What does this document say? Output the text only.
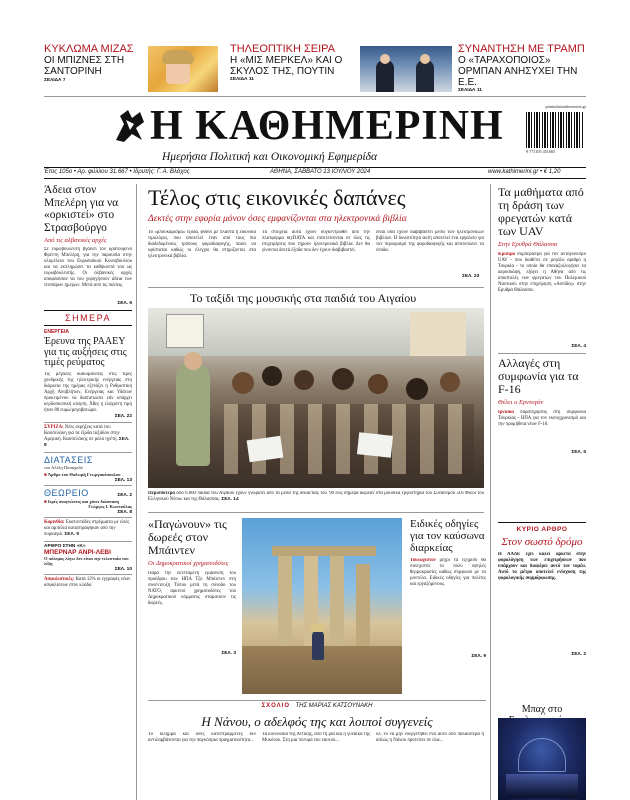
ΚΥΚΛΩΜΑ ΜΙΖΑΣ
ΟΙ ΜΠΙΖΝΕΣ ΣΤΗ ΣΑΝΤΟΡΙΝΗ
ΣΕΛΙΔΑ 7
ΤΗΛΕΟΠΤΙΚΗ ΣΕΙΡΑ
Η «ΜΙΣ ΜΕΡΚΕΛ» ΚΑΙ Ο ΣΚΥΛΟΣ ΤΗΣ, ΠΟΥΤΙΝ
ΣΕΛΙΔΑ 11
ΣΥΝΑΝΤΗΣΗ ΜΕ ΤΡΑΜΠ
Ο «ΤΑΡΑΧΟΠΟΙΟΣ» ΟΡΜΠΑΝ ΑΝΗΣΥΧΕΙ ΤΗΝ Ε.Ε.
ΣΕΛΙΔΑ 11
Η ΚΑΘΗΜΕΡΙΝΗ
Ημερήσια Πολιτική και Οικονομική Εφημερίδα
printsolutionfinvestors.gr
9 771105 451665
Έτος 105ο • Αρ. φύλλου 31.667 • Ιδρυτής: Γ. Α. Βλάχος	ΑΘΗΝΑ, ΣΑΒΒΑΤΟ 13 ΙΟΥΛΙΟΥ 2024	www.kathimerini.gr • € 1,20
Άδεια στον Μπελέρη για να «ορκιστεί» στο Στρασβούργο
Από τις αλβανικές αρχές
Σε ευρωβουλευτή βγαίνει τον κρατούμενο Φρέντη Μπελέρη, για την παρουσία στην ολομέλεια του Ευρωπαϊκού Κοινοβουλίου και να εκπληρώσει τα καθήκοντά του ως ευρωβουλευτής. Οι αλβανικές αρχές αποφάσισαν να του χορηγήσουν άδεια των τεσσάρων ημερών. Μετά από τις πιέσεις.
ΣΕΛ. 6
ΣΗΜΕΡΑ
ΕΝΕΡΓΕΙΑ
Έρευνα της ΡΑΑΕΥ για τις αυξήσεις στις τιμές ρεύματος
Τις μεγάλες διακυμάνσεις στις τιμές χονδρικής της ηλεκτρικής ενέργειας στη διάρκεια της ημέρας εξετάζει η Ρυθμιστική Αρχή Αποβλήτων, Ενέργειας και Υδάτων προκειμένου να διαπιστώσει εάν υπάρχει κερδοσκοπική κίνηση. Χθες η ελάχιστη τιμή ήταν 88 ευρώ/μεγαβατώρα.
ΣΕΛ. 22
ΣΥΡΙΖΑ: Νέες εκρήξεις κατά του Κασσελάκη για τα έξοδα ταξιδίου στην Αμερική. Κασσελάκης σε ρόλο ηγέτη. ΣΕΛ. 8
ΔΙΑΤΑΣΕΙΣ
του Αλέξη Παπαχελά
■ Άρθρο του Θοδωρή Γεωργακόπουλου
ΣΕΛ. 13
ΘΕΩΡΕΙΟ	ΣΕΛ. 2
■ Ιερές αναγνώσεις και χάνει διάσπαση
Γιώργος Ι. Κωστούλας
ΣΕΛ. 8
Κορινθία: Εκατοντάδες στρέμματα με ελιές και αμπέλια καταστράφηκαν από την πυρκαγιά. ΣΕΛ. 9
ΑΡΘΡΟ ΣΤΗΝ «Κ»
ΜΠΕΡΝΑΡ ΑΝΡΙ-ΛΕΒΙ
Ο πόλεμος λόγω δεν είναι την τελευταία του λέξη
ΣΕΛ. 10
Ασφαλιστικές: Κατά 12% οι εγγραφές νέων ασφαλίσεων στον κλάδο.
Τέλος στις εικονικές δαπάνες
Δεκτές στην εφορία μόνον όσες εμφανίζονται στα ηλεκτρονικά βιβλία
Το «μπουκάρισμα» έξοδα, φθίνει με πλαστά ή εικονικά τιμολόγια, που αποτελεί έναν από τους πιο διαδεδομένους τρόπους φοροδιαφυγής, παύει να υφίσταται καθώς οι έλεγχοι θα στηρίζονται στα ηλεκτρονικά βιβλία.
Τα στοιχεία αυτά έχουν συγκεντρωθεί από την πλατφόρμα myDATA και επεκτείνονται σε όλες τις επιχειρήσεις που τηρούν ηλεκτρονικά βιβλία. Δεν θα γίνονται δεκτά έξοδα που δεν έχουν διαβιβαστεί.
είναι όσα έχουν διαβιβαστεί μέσω των ηλεκτρονικών βιβλίων. Η δυνατότητα αυτή αποτελεί ένα εργαλείο για τον περιορισμό της φοροδιαφυγής και αποτυπώνει τα έσοδα.
ΣΕΛ. 23
Το ταξίδι της μουσικής στα παιδιά του Αιγαίου
Περισσότερα από 6.000 παιδιά του Αιγαίου έχουν γνωρίσει από τα μέσα της δεκαετίας του '90 έως σήμερα δωρεάν στα μουσικά εργαστήρια του Συνδέσμου «Οι Φίλοι του Ελληνικού Νέου» και της Θάλασσας. ΣΕΛ. 14
Τα μαθήματα από τη δράση των φρεγατών κατά των UAV
Στην Ερυθρά Θάλασσα
Κρίσιμο συμπέρασμα για τον ανταγωνισμό UAV - που διαθέτει σε μεγάλο αριθμό η Τουρκία - το οποίο θα επαναξιολογήσει τα αεροσκάφη, εξάγει η Αθήνα από τις αποστολές των φρεγατών του Πολεμικού Ναυτικού στην επιχείρηση «Ασπίδες» στην Ερυθρά Θάλασσα.
ΣΕΛ. 4
Αλλαγές στη συμφωνία για τα F-16
Θέλει ο Ερντογάν
Ιρνιακά παρατηρήσεις στη συμφωνία Τουρκίας - ΗΠΑ για τον εκσυγχρονισμό και την προμήθεια νέων F-16.
ΣΕΛ. 5
ΚΥΡΙΟ ΑΡΘΡΟ
Στον σωστό δρόμο
Η ΑΑΔΕ έχει καλεί αρκετά στην φορολόγηση των επιχειρήσεων που υπάρχουν και διαφέρει αυτό τον τομέα. Αυτό το μέτρο αποτελεί ενίσχυση της φορολογικής συμμόρφωσης.
ΣΕΛ. 2
«Παγώνουν» τις δωρεές στον Μπάιντεν
Οι Δημοκρατικοί χρηματοδότες
Παρά την εκτεταμένη εμφάνιση του προέδρου των ΗΠΑ Τζο Μπάιντεν στη συνέντευξη Τύπου μετά τη σύνοδο του ΝΑΤΟ, αρκετοί χρηματοδότες του Δημοκρατικού κόμματος σταματούν τις δωρεές.
ΣΕΛ. 3
Ειδικές οδηγίες για τον καύσωνα διαρκείας
Τουλάχιστον μέχρι τα εξήμισυ θα συνεχιστεί το πολύ υψηλές θερμοκρασίες καθώς σύμφωνα με τα μοντέλα. Ειδικές οδηγίες για πολίτες και εργαζόμενους.
ΣΕΛ. 9
ΣΧΟΛΙΟ ΤΗΣ ΜΑΡΙΑΣ ΚΑΤΣΟΥΝΑΚΗ
Η Νάνου, ο αδελφός της και λοιποί συγγενείς
Το διλήμμα και όσες κατεστραμμένες δεν αντιλαμβάνονται για την παγκόσμια πραγματικότητα...
Τα κοινωνικά της Αττικής, από τη μία και η γυναίκα της Μυκόνου. Στη μια πλευρά του εαυτού...
ολ. το να μην ευεργετηθεί ένα αυτό όσο παλαιότερα ή απλώς η Νάνου προτείνει σε όλα...
Μπαχ στο
